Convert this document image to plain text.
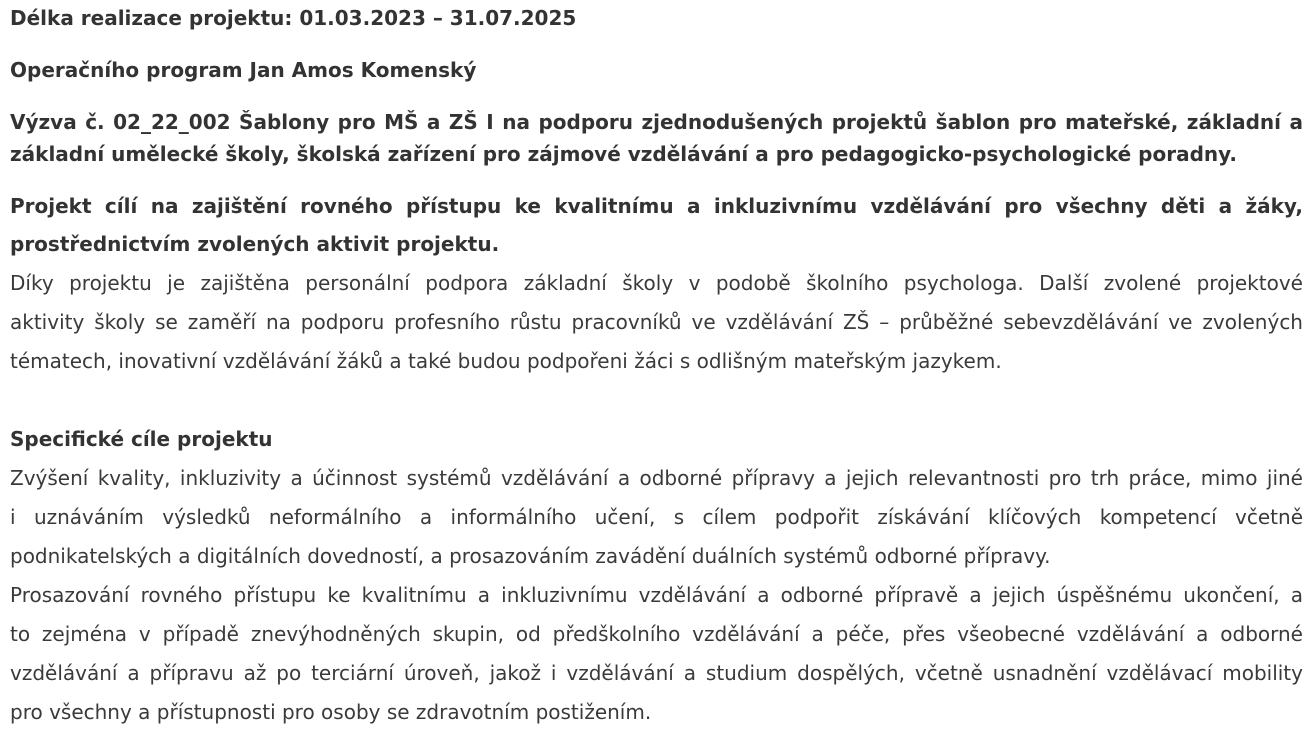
Délka realizace projektu: 01.03.2023 – 31.07.2025

Operačního program Jan Amos Komenský

Výzva č. 02_22_002 Šablony pro MŠ a ZŠ I na podporu zjednodušených projektů šablon pro mateřské, základní a

základní umělecké školy, školská zařízení pro zájmové vzdělávání a pro pedagogicko-psychologické poradny.

Projekt cílí na zajištění rovného přístupu ke kvalitnímu a inkluzivnímu vzdělávání pro všechny děti a žáky,

prostřednictvím zvolených aktivit projektu.

Díky projektu je zajištěna personální podpora základní školy v podobě školního psychologa. Další zvolené projektové

aktivity školy se zaměří na podporu profesního růstu pracovníků ve vzdělávání ZŠ – průběžné sebevzdělávání ve zvolených

tématech, inovativní vzdělávání žáků a také budou podpořeni žáci s odlišným mateřským jazykem.

Specifické cíle projektu

Zvýšení kvality, inkluzivity a účinnost systémů vzdělávání a odborné přípravy a jejich relevantnosti pro trh práce, mimo jiné

i uznáváním výsledků neformálního a informálního učení, s cílem podpořit získávání klíčových kompetencí včetně

podnikatelských a digitálních dovedností, a prosazováním zavádění duálních systémů odborné přípravy.

Prosazování rovného přístupu ke kvalitnímu a inkluzivnímu vzdělávání a odborné přípravě a jejich úspěšnému ukončení, a

to zejména v případě znevýhodněných skupin, od předškolního vzdělávání a péče, přes všeobecné vzdělávání a odborné

vzdělávání a přípravu až po terciární úroveň, jakož i vzdělávání a studium dospělých, včetně usnadnění vzdělávací mobility

pro všechny a přístupnosti pro osoby se zdravotním postižením.
